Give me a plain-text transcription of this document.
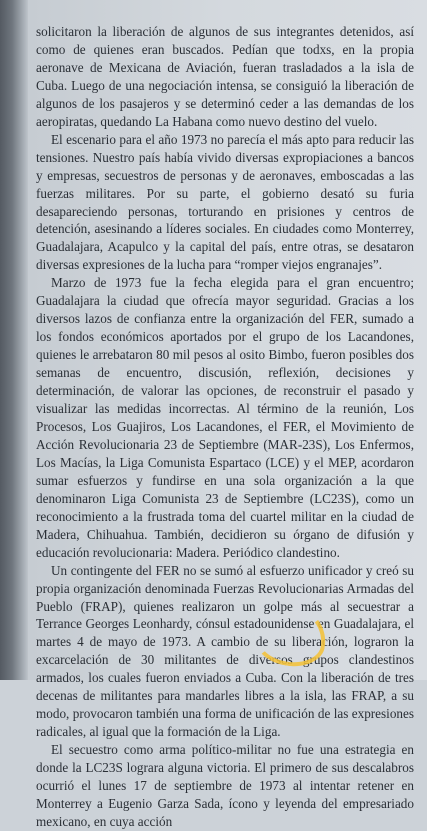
solicitaron la liberación de algunos de sus integrantes detenidos, así como de quienes eran buscados. Pedían que todxs, en la propia aeronave de Mexicana de Aviación, fueran trasladados a la isla de Cuba. Luego de una negociación intensa, se consiguió la liberación de algunos de los pasajeros y se determinó ceder a las demandas de los aeropiratas, quedando La Habana como nuevo destino del vuelo.

El escenario para el año 1973 no parecía el más apto para reducir las tensiones. Nuestro país había vivido diversas expropiaciones a bancos y empresas, secuestros de personas y de aeronaves, emboscadas a las fuerzas militares. Por su parte, el gobierno desató su furia desapareciendo personas, torturando en prisiones y centros de detención, asesinando a líderes sociales. En ciudades como Monterrey, Guadalajara, Acapulco y la capital del país, entre otras, se desataron diversas expresiones de la lucha para “romper viejos engranajes”.

Marzo de 1973 fue la fecha elegida para el gran encuentro; Guadalajara la ciudad que ofrecía mayor seguridad. Gracias a los diversos lazos de confianza entre la organización del FER, sumado a los fondos económicos aportados por el grupo de los Lacandones, quienes le arrebataron 80 mil pesos al osito Bimbo, fueron posibles dos semanas de encuentro, discusión, reflexión, decisiones y determinación, de valorar las opciones, de reconstruir el pasado y visualizar las medidas incorrectas. Al término de la reunión, Los Procesos, Los Guajiros, Los Lacandones, el FER, el Movimiento de Acción Revolucionaria 23 de Septiembre (MAR-23S), Los Enfermos, Los Macías, la Liga Comunista Espartaco (LCE) y el MEP, acordaron sumar esfuerzos y fundirse en una sola organización a la que denominaron Liga Comunista 23 de Septiembre (LC23S), como un reconocimiento a la frustrada toma del cuartel militar en la ciudad de Madera, Chihuahua. También, decidieron su órgano de difusión y educación revolucionaria: Madera. Periódico clandestino.

Un contingente del FER no se sumó al esfuerzo unificador y creó su propia organización denominada Fuerzas Revolucionarias Armadas del Pueblo (FRAP), quienes realizaron un golpe más al secuestrar a Terrance Georges Leonhardy, cónsul estadounidense en Guadalajara, el martes 4 de mayo de 1973. A cambio de su liberación, lograron la excarcelación de 30 militantes de diversos grupos clandestinos armados, los cuales fueron enviados a Cuba. Con la liberación de tres decenas de militantes para mandarles libres a la isla, las FRAP, a su modo, provocaron también una forma de unificación de las expresiones radicales, al igual que la formación de la Liga.

El secuestro como arma político-militar no fue una estrategia en donde la LC23S lograra alguna victoria. El primero de sus descalabros ocurrió el lunes 17 de septiembre de 1973 al intentar retener en Monterrey a Eugenio Garza Sada, ícono y leyenda del empresariado mexicano, en cuya acción
